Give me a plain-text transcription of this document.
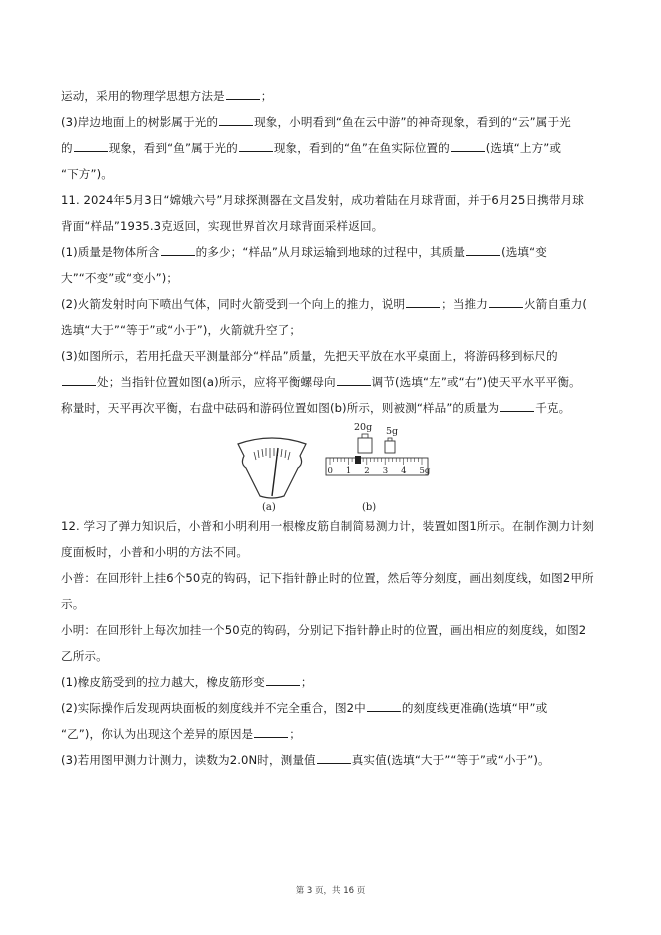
运动，采用的物理学思想方法是	；
(3)岸边地面上的树影属于光的	现象，小明看到“鱼在云中游”的神奇现象，看到的“云”属于光
的	现象，看到“鱼”属于光的	现象，看到的“鱼”在鱼实际位置的	(选填“上方”或
“下方”)。
11. 2024年5月3日“嫦娥六号”月球探测器在文昌发射，成功着陆在月球背面，并于6月25日携带月球
背面“样品”1935.3克返回，实现世界首次月球背面采样返回。
(1)质量是物体所含	的多少；“样品”从月球运输到地球的过程中，其质量	(选填“变
大”“不变”或“变小”)；
(2)火箭发射时向下喷出气体，同时火箭受到一个向上的推力，说明	；当推力	火箭自重力(
选填“大于”“等于”或“小于”)，火箭就升空了；
(3)如图所示，若用托盘天平测量部分“样品”质量，先把天平放在水平桌面上，将游码移到标尺的
处；当指针位置如图(a)所示，应将平衡螺母向	调节(选填“左”或“右”)使天平水平平衡。
称量时，天平再次平衡，右盘中砝码和游码位置如图(b)所示，则被测“样品”的质量为	千克。
12. 学习了弹力知识后，小普和小明利用一根橡皮筋自制简易测力计，装置如图1所示。在制作测力计刻
度面板时，小普和小明的方法不同。
小普：在回形针上挂6个50克的钩码，记下指针静止时的位置，然后等分刻度，画出刻度线，如图2甲所
示。
小明：在回形针上每次加挂一个50克的钩码，分别记下指针静止时的位置，画出相应的刻度线，如图2
乙所示。
(1)橡皮筋受到的拉力越大，橡皮筋形变	；
(2)实际操作后发现两块面板的刻度线并不完全重合，图2中	的刻度线更准确(选填“甲”或
“乙”)，你认为出现这个差异的原因是	；
(3)若用图甲测力计测力，读数为2.0N时，测量值	真实值(选填“大于”“等于”或“小于”)。
(a)
20g 5g
0 1 2 3 4 5g
(b)
第 3 页，共 16 页
